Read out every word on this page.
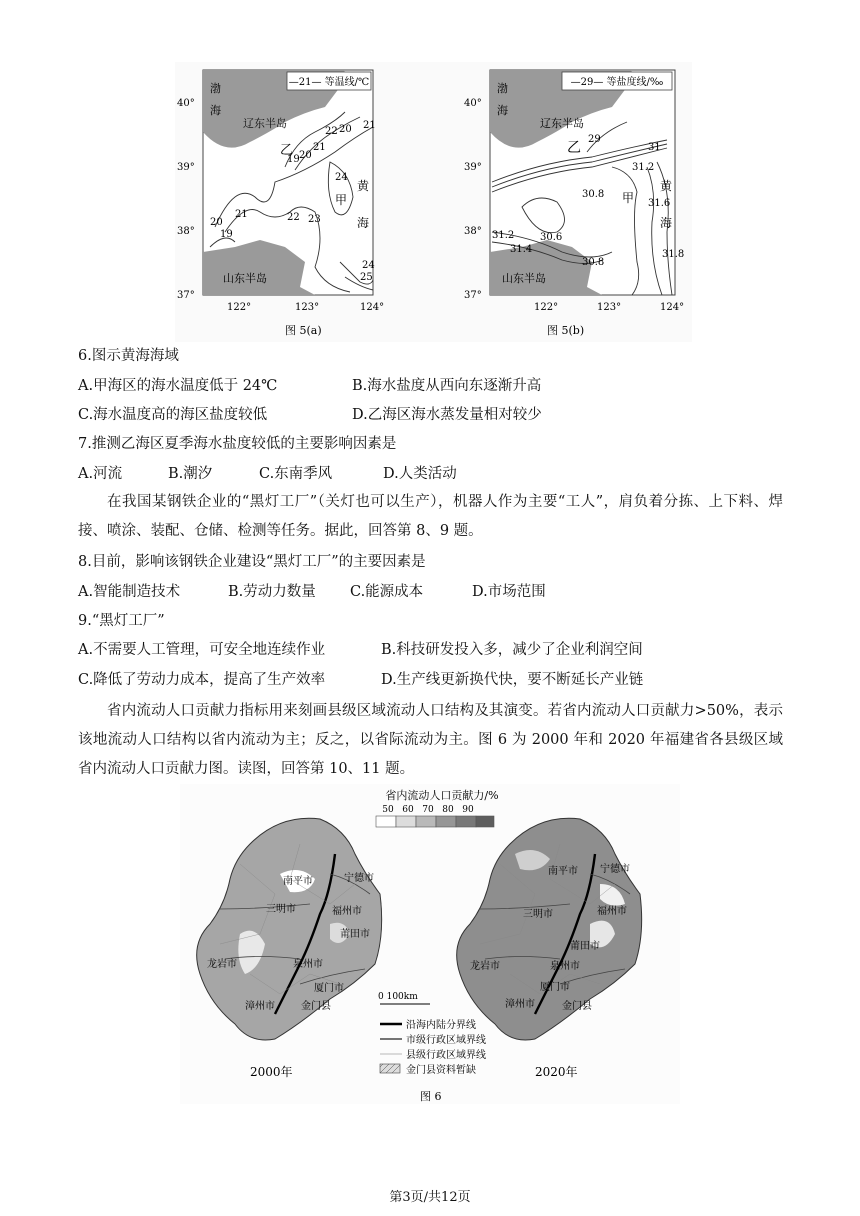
—21— 等温线/℃
渤
海
辽东半岛
山东半岛
黄
海
甲
乙
19 20
21
22 23
24
25
20
21
19
24
22 20 21
40°
39°
38°
37°
122°	123°	124°
图 5(a)
—29— 等盐度线/‰
渤
海
辽东半岛
山东半岛
黄
海
甲
乙
29
31
31.2
30.8
31.6
31.8
31.2
31.4
30.6
30.8
40°
39°
38°
37°
122°	123°	124°
图 5(b)
6.图示黄海海域
A.甲海区的海水温度低于 24℃	B.海水盐度从西向东逐渐升高
C.海水温度高的海区盐度较低	D.乙海区海水蒸发量相对较少
7.推测乙海区夏季海水盐度较低的主要影响因素是
A.河流	B.潮汐	C.东南季风	D.人类活动
在我国某钢铁企业的“黑灯工厂”（关灯也可以生产），机器人作为主要“工人”，肩负着分拣、上下料、焊接、喷涂、装配、仓储、检测等任务。据此，回答第 8、9 题。
8.目前，影响该钢铁企业建设“黑灯工厂”的主要因素是
A.智能制造技术	B.劳动力数量 C.能源成本	D.市场范围
9.“黑灯工厂”
A.不需要人工管理，可安全地连续作业	B.科技研发投入多，减少了企业利润空间
C.降低了劳动力成本，提高了生产效率	D.生产线更新换代快，要不断延长产业链
省内流动人口贡献力指标用来刻画县级区域流动人口结构及其演变。若省内流动人口贡献力>50%，表示该地流动人口结构以省内流动为主；反之，以省际流动为主。图 6 为 2000 年和 2020 年福建省各县级区域省内流动人口贡献力图。读图，回答第 10、11 题。
省内流动人口贡献力/%
50 60 70 80 90
南平市	宁德市
三明市	福州市
莆田市
龙岩市	泉州市
厦门市
漳州市	金门县
南平市 宁德市
三明市	福州市
莆田市
龙岩市	泉州市
厦门市
漳州市	金门县
0 100km
沿海内陆分界线
市级行政区域界线
县级行政区域界线
金门县资料暂缺
2000年	2020年
图 6
第3页/共12页
